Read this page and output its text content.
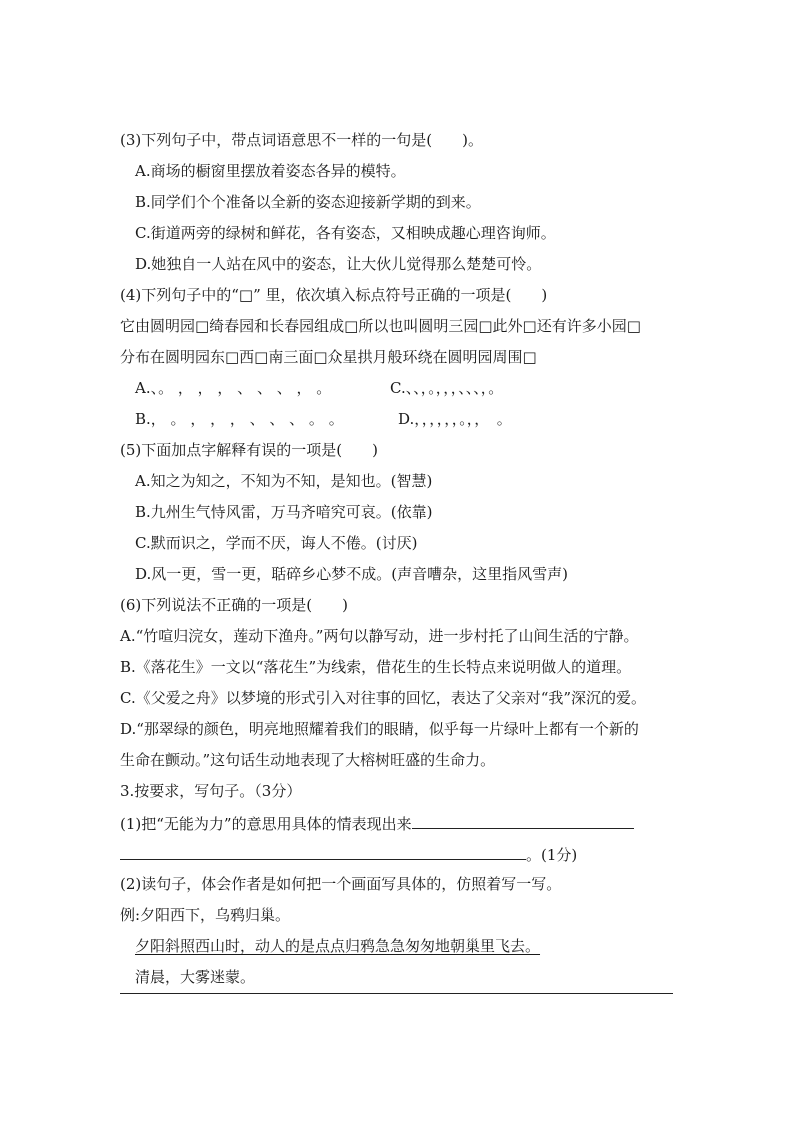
(3)下列句子中，带点词语意思不一样的一句是(　　)。
A.商场的橱窗里摆放着姿态各异的模特。
B.同学们个个准备以全新的姿态迎接新学期的到来。
C.街道两旁的绿树和鲜花，各有姿态，又相映成趣心理咨询师。
D.她独自一人站在风中的姿态，让大伙儿觉得那么楚楚可怜。
(4)下列句子中的“□” 里，依次填入标点符号正确的一项是(　　)
它由圆明园□绮春园和长春园组成□所以也叫圆明三园□此外□还有许多小园□
分布在圆明园东□西□南三面□众星拱月般环绕在圆明园周围□
A.、。 ， ， ， 、 、 、 ， 。	C.、、，。，，，、、、，。
B.， 。 ， ， ， 、 、 、 。 。	D.，，，，，，。，，　。
(5)下面加点字解释有误的一项是(　　)
A.知之为知之，不知为不知，是知也。(智慧)
B.九州生气恃风雷，万马齐喑究可哀。(依靠)
C.默而识之，学而不厌，诲人不倦。(讨厌)
D.风一更，雪一更，聒碎乡心梦不成。(声音嘈杂，这里指风雪声)
(6)下列说法不正确的一项是(　　)
A.“竹喧归浣女，莲动下渔舟。”两句以静写动，进一步村托了山间生活的宁静。
B.《落花生》一文以“落花生”为线索，借花生的生长特点来说明做人的道理。
C.《父爱之舟》以梦境的形式引入对往事的回忆，表达了父亲对“我”深沉的爱。
D.“那翠绿的颜色，明亮地照耀着我们的眼睛，似乎每一片绿叶上都有一个新的
生命在颤动。”这句话生动地表现了大榕树旺盛的生命力。
3.按要求，写句子。（3分）
(1)把“无能为力”的意思用具体的情表现出来
。(1分)
(2)读句子，体会作者是如何把一个画面写具体的，仿照着写一写。
例:夕阳西下，乌鸦归巢。
夕阳斜照西山时，动人的是点点归鸦急急匆匆地朝巢里飞去。
清晨，大雾迷蒙。
